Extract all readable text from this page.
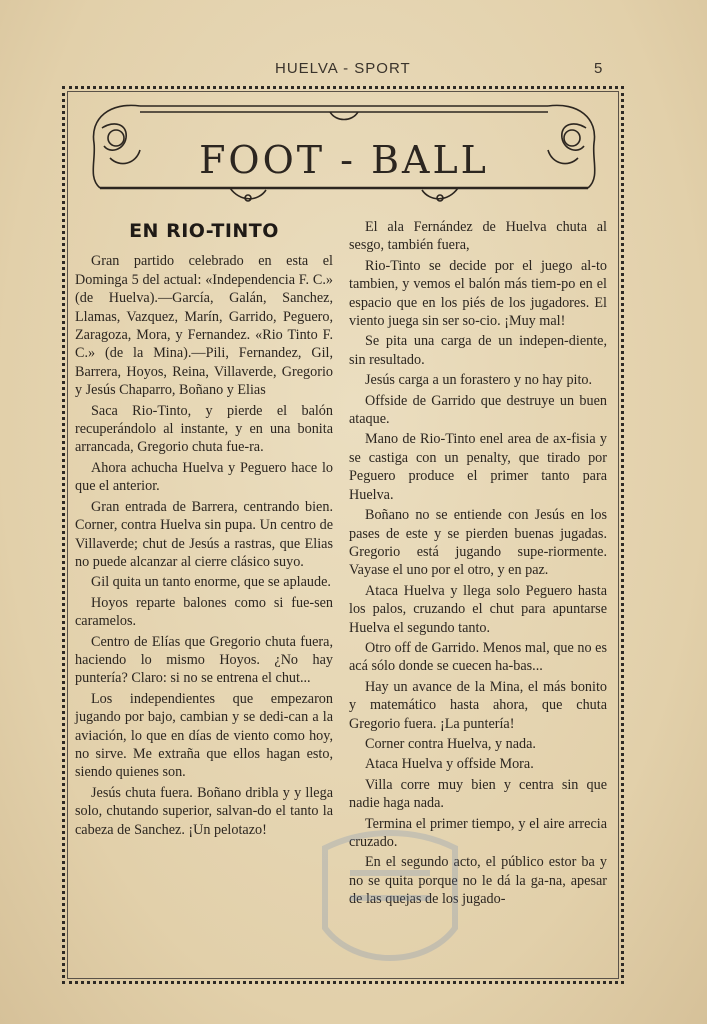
HUELVA - SPORT	5
FOOT - BALL
EN RIO-TINTO

Gran partido celebrado en esta el Dominga 5 del actual: «Independencia F. C.» (de Huelva).—García, Galán, Sanchez, Llamas, Vazquez, Marín, Garrido, Peguero, Zaragoza, Mora, y Fernandez. «Rio Tinto F. C.» (de la Mina).—Pili, Fernandez, Gil, Barrera, Hoyos, Reina, Villaverde, Gregorio y Jesús Chaparro, Boñano y Elias

Saca Rio-Tinto, y pierde el balón recuperándolo al instante, y en una bonita arrancada, Gregorio chuta fue-ra.

Ahora achucha Huelva y Peguero hace lo que el anterior.

Gran entrada de Barrera, centrando bien. Corner, contra Huelva sin pupa. Un centro de Villaverde; chut de Jesús a rastras, que Elias no puede alcanzar al cierre clásico suyo.

Gil quita un tanto enorme, que se aplaude.

Hoyos reparte balones como si fue-sen caramelos.

Centro de Elías que Gregorio chuta fuera, haciendo lo mismo Hoyos. ¿No hay puntería? Claro: si no se entrena el chut...

Los independientes que empezaron jugando por bajo, cambian y se dedi-can a la aviación, lo que en días de viento como hoy, no sirve. Me extraña que ellos hagan esto, siendo quienes son.

Jesús chuta fuera. Boñano dribla y y llega solo, chutando superior, salvan-do el tanto la cabeza de Sanchez. ¡Un pelotazo!

El ala Fernández de Huelva chuta al sesgo, también fuera,

Rio-Tinto se decide por el juego al-to tambien, y vemos el balón más tiem-po en el espacio que en los piés de los jugadores. El viento juega sin ser so-cio. ¡Muy mal!

Se pita una carga de un indepen-diente, sin resultado.

Jesús carga a un forastero y no hay pito.

Offside de Garrido que destruye un buen ataque.

Mano de Rio-Tinto enel area de ax-fisia y se castiga con un penalty, que tirado por Peguero produce el primer tanto para Huelva.

Boñano no se entiende con Jesús en los pases de este y se pierden buenas jugadas. Gregorio está jugando supe-riormente. Vayase el uno por el otro, y en paz.

Ataca Huelva y llega solo Peguero hasta los palos, cruzando el chut para apuntarse Huelva el segundo tanto.

Otro off de Garrido. Menos mal, que no es acá sólo donde se cuecen ha-bas...

Hay un avance de la Mina, el más bonito y matemático hasta ahora, que chuta Gregorio fuera. ¡La puntería!

Corner contra Huelva, y nada.

Ataca Huelva y offside Mora.

Villa corre muy bien y centra sin que nadie haga nada.

Termina el primer tiempo, y el aire arrecia cruzado.

En el segundo acto, el público estor ba y no se quita porque no le dá la ga-na, apesar de las quejas de los jugado-
